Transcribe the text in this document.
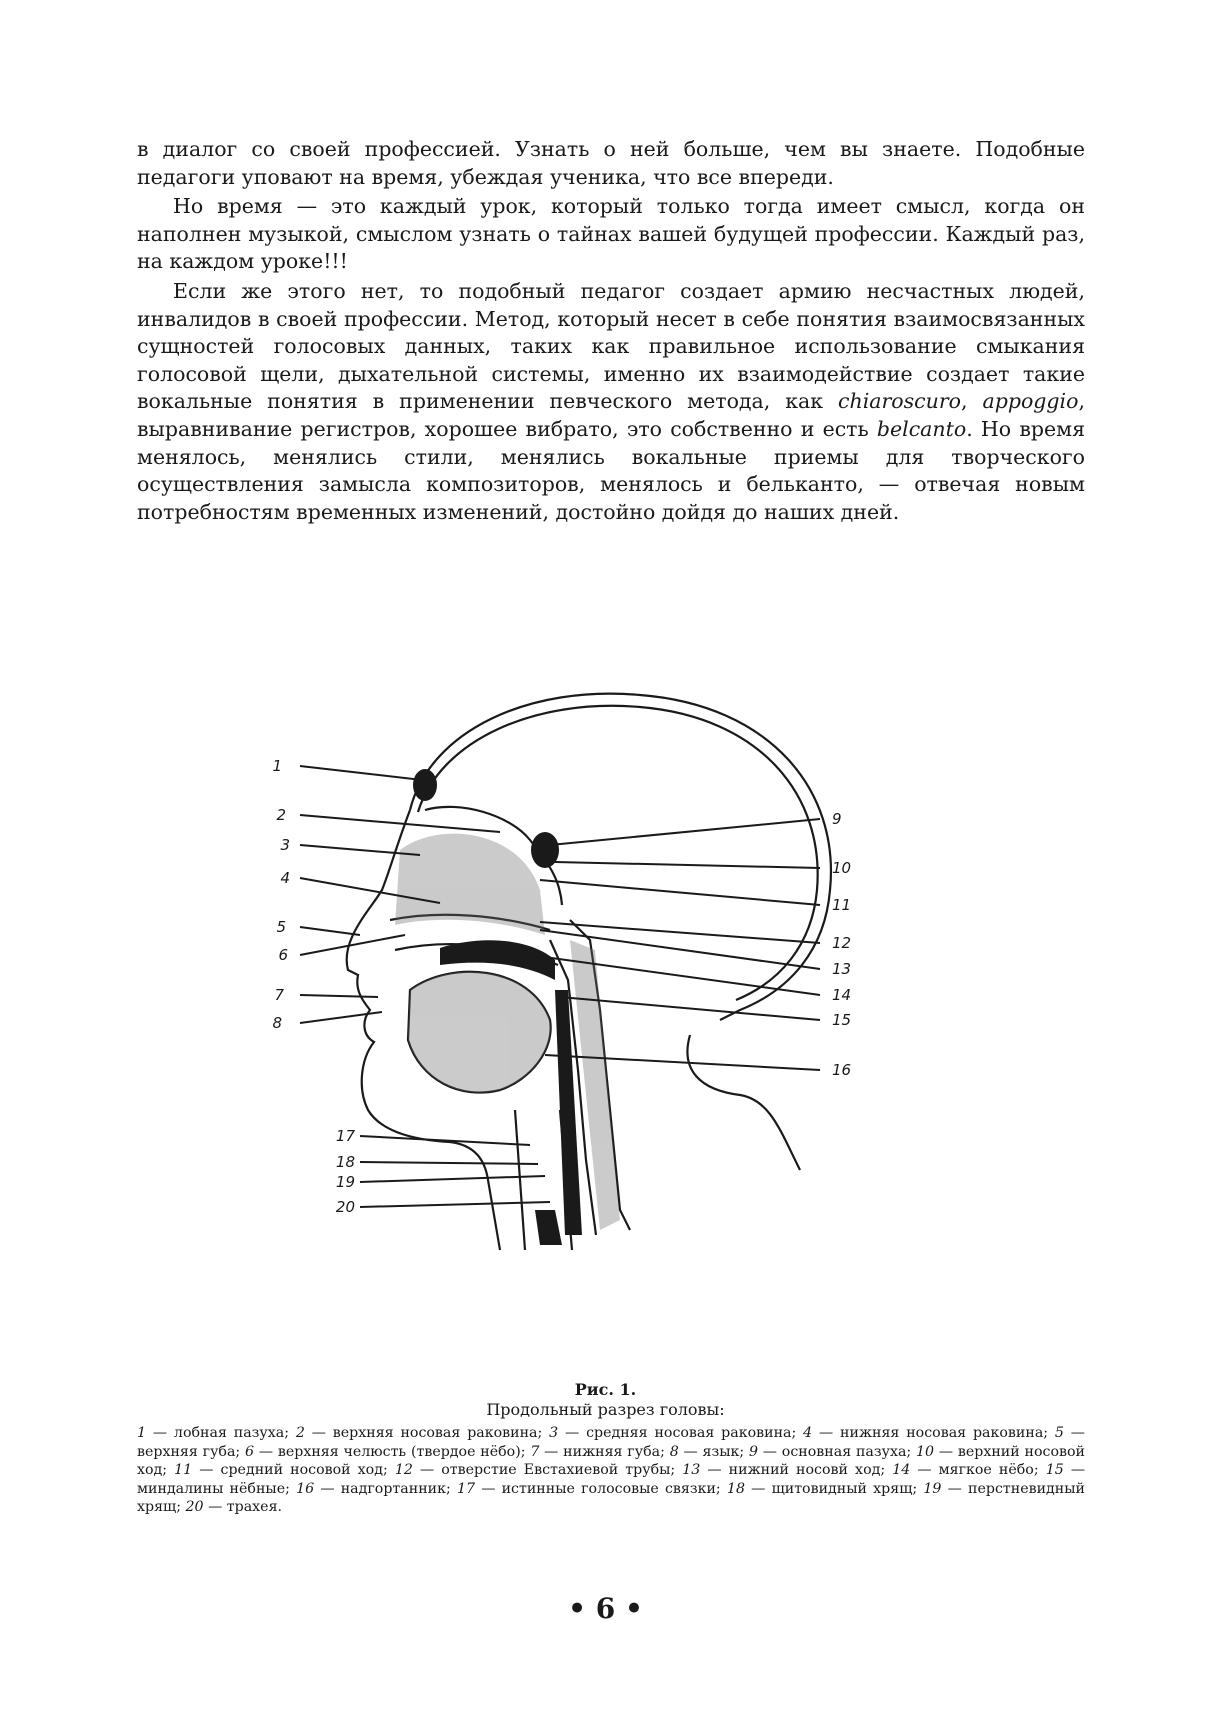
в диалог со своей профессией. Узнать о ней больше, чем вы знаете. Подобные педагоги уповают на время, убеждая ученика, что все впереди.

Но время — это каждый урок, который только тогда имеет смысл, когда он наполнен музыкой, смыслом узнать о тайнах вашей будущей профессии. Каждый раз, на каждом уроке!!!

Если же этого нет, то подобный педагог создает армию несчастных людей, инвалидов в своей профессии. Метод, который несет в себе понятия взаимосвязанных сущностей голосовых данных, таких как правильное использование смыкания голосовой щели, дыхательной системы, именно их взаимодействие создает такие вокальные понятия в применении певческого метода, как chiaroscuro, appoggio, выравнивание регистров, хорошее вибрато, это собственно и есть belcanto. Но время менялось, менялись стили, менялись вокальные приемы для творческого осуществления замысла композиторов, менялось и бельканто, — отвечая новым потребностям временных изменений, достойно дойдя до наших дней.

1
2
3
4
5
6
7
8
9
10
11
12
13
14
15
16
17
18
19
20
Рис. 1.
Продольный разрез головы:
1 — лобная пазуха; 2 — верхняя носовая раковина; 3 — средняя носовая раковина; 4 — нижняя носовая раковина; 5 — верхняя губа; 6 — верхняя челюсть (твердое нёбо); 7 — нижняя губа; 8 — язык; 9 — основная пазуха; 10 — верхний носовой ход; 11 — средний носовой ход; 12 — отверстие Евстахиевой трубы; 13 — нижний носовй ход; 14 — мягкое нёбо; 15 — миндалины нёбные; 16 — надгортанник; 17 — истинные голосовые связки; 18 — щитовидный хрящ; 19 — перстневидный хрящ; 20 — трахея.
• 6 •
